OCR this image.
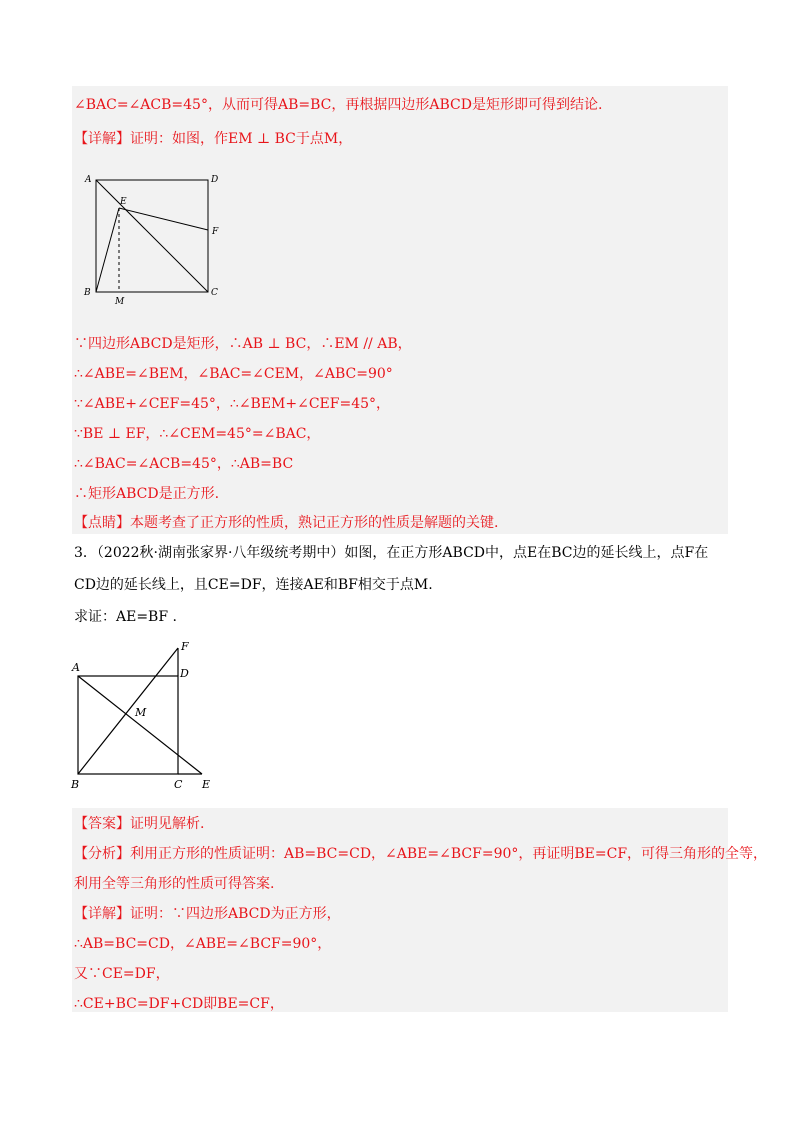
∠BAC=∠ACB=45°，从而可得AB=BC，再根据四边形ABCD是矩形即可得到结论.
【详解】证明：如图，作EM ⊥ BC于点M，
A	D
E
F
B
M
C
∵四边形ABCD是矩形，∴AB ⊥ BC，∴EM // AB，
∴∠ABE=∠BEM，∠BAC=∠CEM，∠ABC=90°
∵∠ABE+∠CEF=45°，∴∠BEM+∠CEF=45°，
∵BE ⊥ EF，∴∠CEM=45°=∠BAC，
∴∠BAC=∠ACB=45°，∴AB=BC
∴矩形ABCD是正方形.
【点睛】本题考查了正方形的性质，熟记正方形的性质是解题的关键.
3．（2022秋·湖南张家界·八年级统考期中）如图，在正方形ABCD中，点E在BC边的延长线上，点F在
CD边的延长线上，且CE=DF，连接AE和BF相交于点M.
求证：AE=BF .
F
A	D
M
B	C E
【答案】证明见解析.
【分析】利用正方形的性质证明：AB=BC=CD，∠ABE=∠BCF=90°，再证明BE=CF，可得三角形的全等，
利用全等三角形的性质可得答案.
【详解】证明：∵四边形ABCD为正方形，
∴AB=BC=CD，∠ABE=∠BCF=90°，
又∵CE=DF，
∴CE+BC=DF+CD即BE=CF，
